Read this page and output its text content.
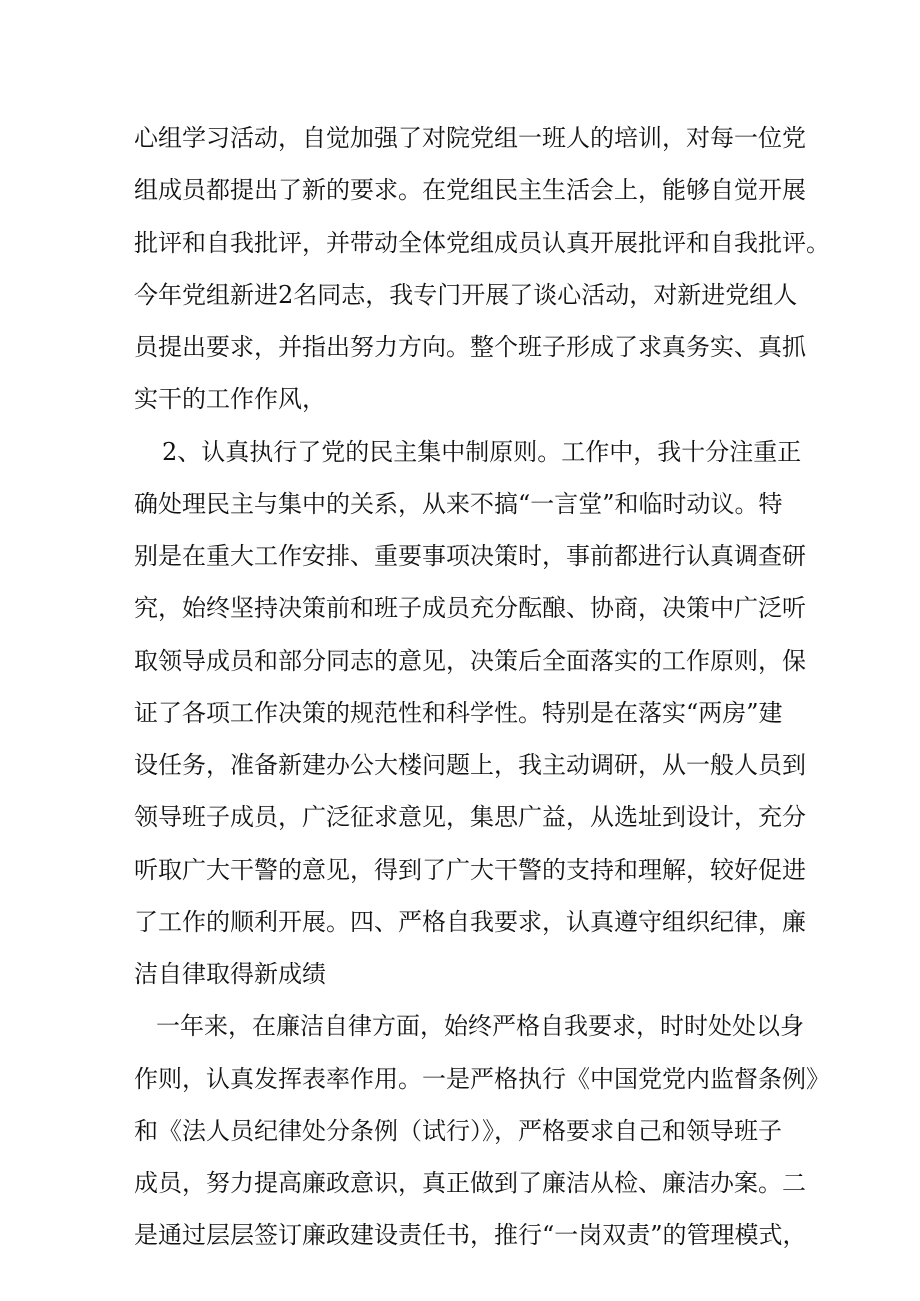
心组学习活动，自觉加强了对院党组一班人的培训，对每一位党
组成员都提出了新的要求。在党组民主生活会上，能够自觉开展
批评和自我批评，并带动全体党组成员认真开展批评和自我批评。
今年党组新进2名同志，我专门开展了谈心活动，对新进党组人
员提出要求，并指出努力方向。整个班子形成了求真务实、真抓
实干的工作作风，
2、认真执行了党的民主集中制原则。工作中，我十分注重正
确处理民主与集中的关系，从来不搞“一言堂”和临时动议。特
别是在重大工作安排、重要事项决策时，事前都进行认真调查研
究，始终坚持决策前和班子成员充分酝酿、协商，决策中广泛听
取领导成员和部分同志的意见，决策后全面落实的工作原则，保
证了各项工作决策的规范性和科学性。特别是在落实“两房”建
设任务，准备新建办公大楼问题上，我主动调研，从一般人员到
领导班子成员，广泛征求意见，集思广益，从选址到设计，充分
听取广大干警的意见，得到了广大干警的支持和理解，较好促进
了工作的顺利开展。四、严格自我要求，认真遵守组织纪律，廉
洁自律取得新成绩
一年来，在廉洁自律方面，始终严格自我要求，时时处处以身
作则，认真发挥表率作用。一是严格执行《中国党党内监督条例》
和《法人员纪律处分条例（试行）》，严格要求自己和领导班子
成员，努力提高廉政意识，真正做到了廉洁从检、廉洁办案。二
是通过层层签订廉政建设责任书，推行“一岗双责”的管理模式，
